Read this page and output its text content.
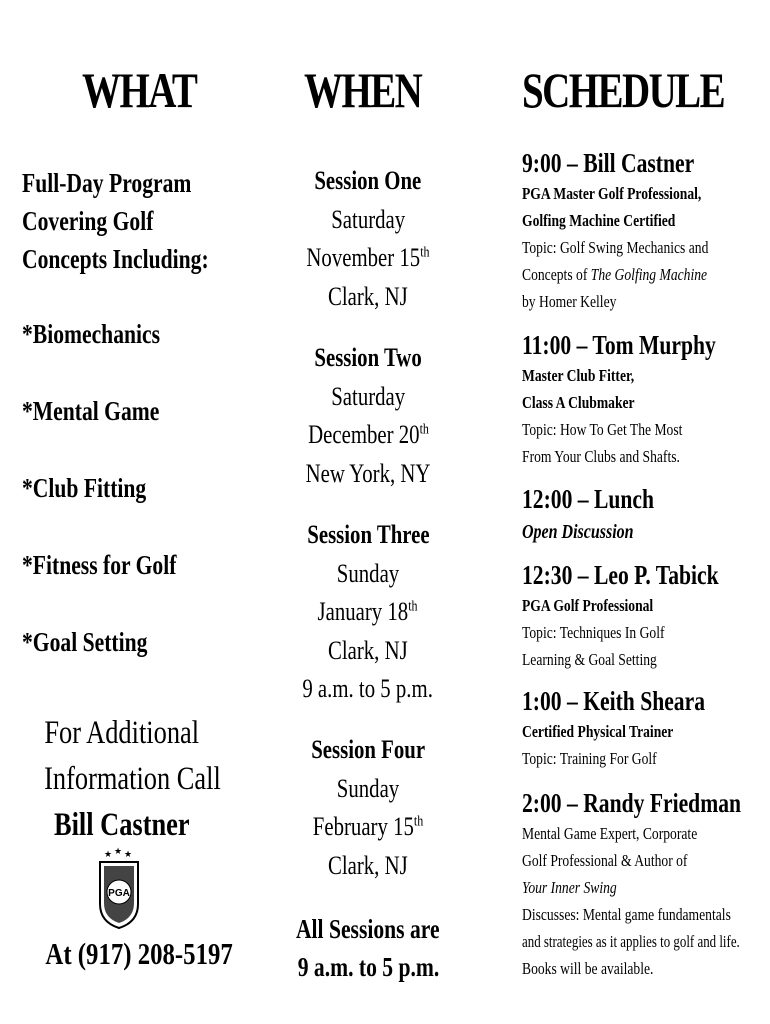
WHAT
Full-Day Program
Covering Golf
Concepts Including:
*Biomechanics
*Mental Game
*Club Fitting
*Fitness for Golf
*Goal Setting
For Additional
Information Call
Bill Castner
★ ★ ★
PGA
At (917) 208-5197
WHEN
Session One
Saturday
November 15th
Clark, NJ
Session Two
Saturday
December 20th
New York, NY
Session Three
Sunday
January 18th
Clark, NJ
9 a.m. to 5 p.m.
Session Four
Sunday
February 15th
Clark, NJ
All Sessions are
9 a.m. to 5 p.m.
SCHEDULE
9:00 – Bill Castner
PGA Master Golf Professional,
Golfing Machine Certified
Topic: Golf Swing Mechanics and
Concepts of The Golfing Machine
by Homer Kelley
11:00 – Tom Murphy
Master Club Fitter,
Class A Clubmaker
Topic: How To Get The Most
From Your Clubs and Shafts.
12:00 – Lunch
Open Discussion
12:30 – Leo P. Tabick
PGA Golf Professional
Topic: Techniques In Golf
Learning & Goal Setting
1:00 – Keith Sheara
Certified Physical Trainer
Topic: Training For Golf
2:00 – Randy Friedman
Mental Game Expert, Corporate
Golf Professional & Author of
Your Inner Swing
Discusses: Mental game fundamentals
and strategies as it applies to golf and life.
Books will be available.
